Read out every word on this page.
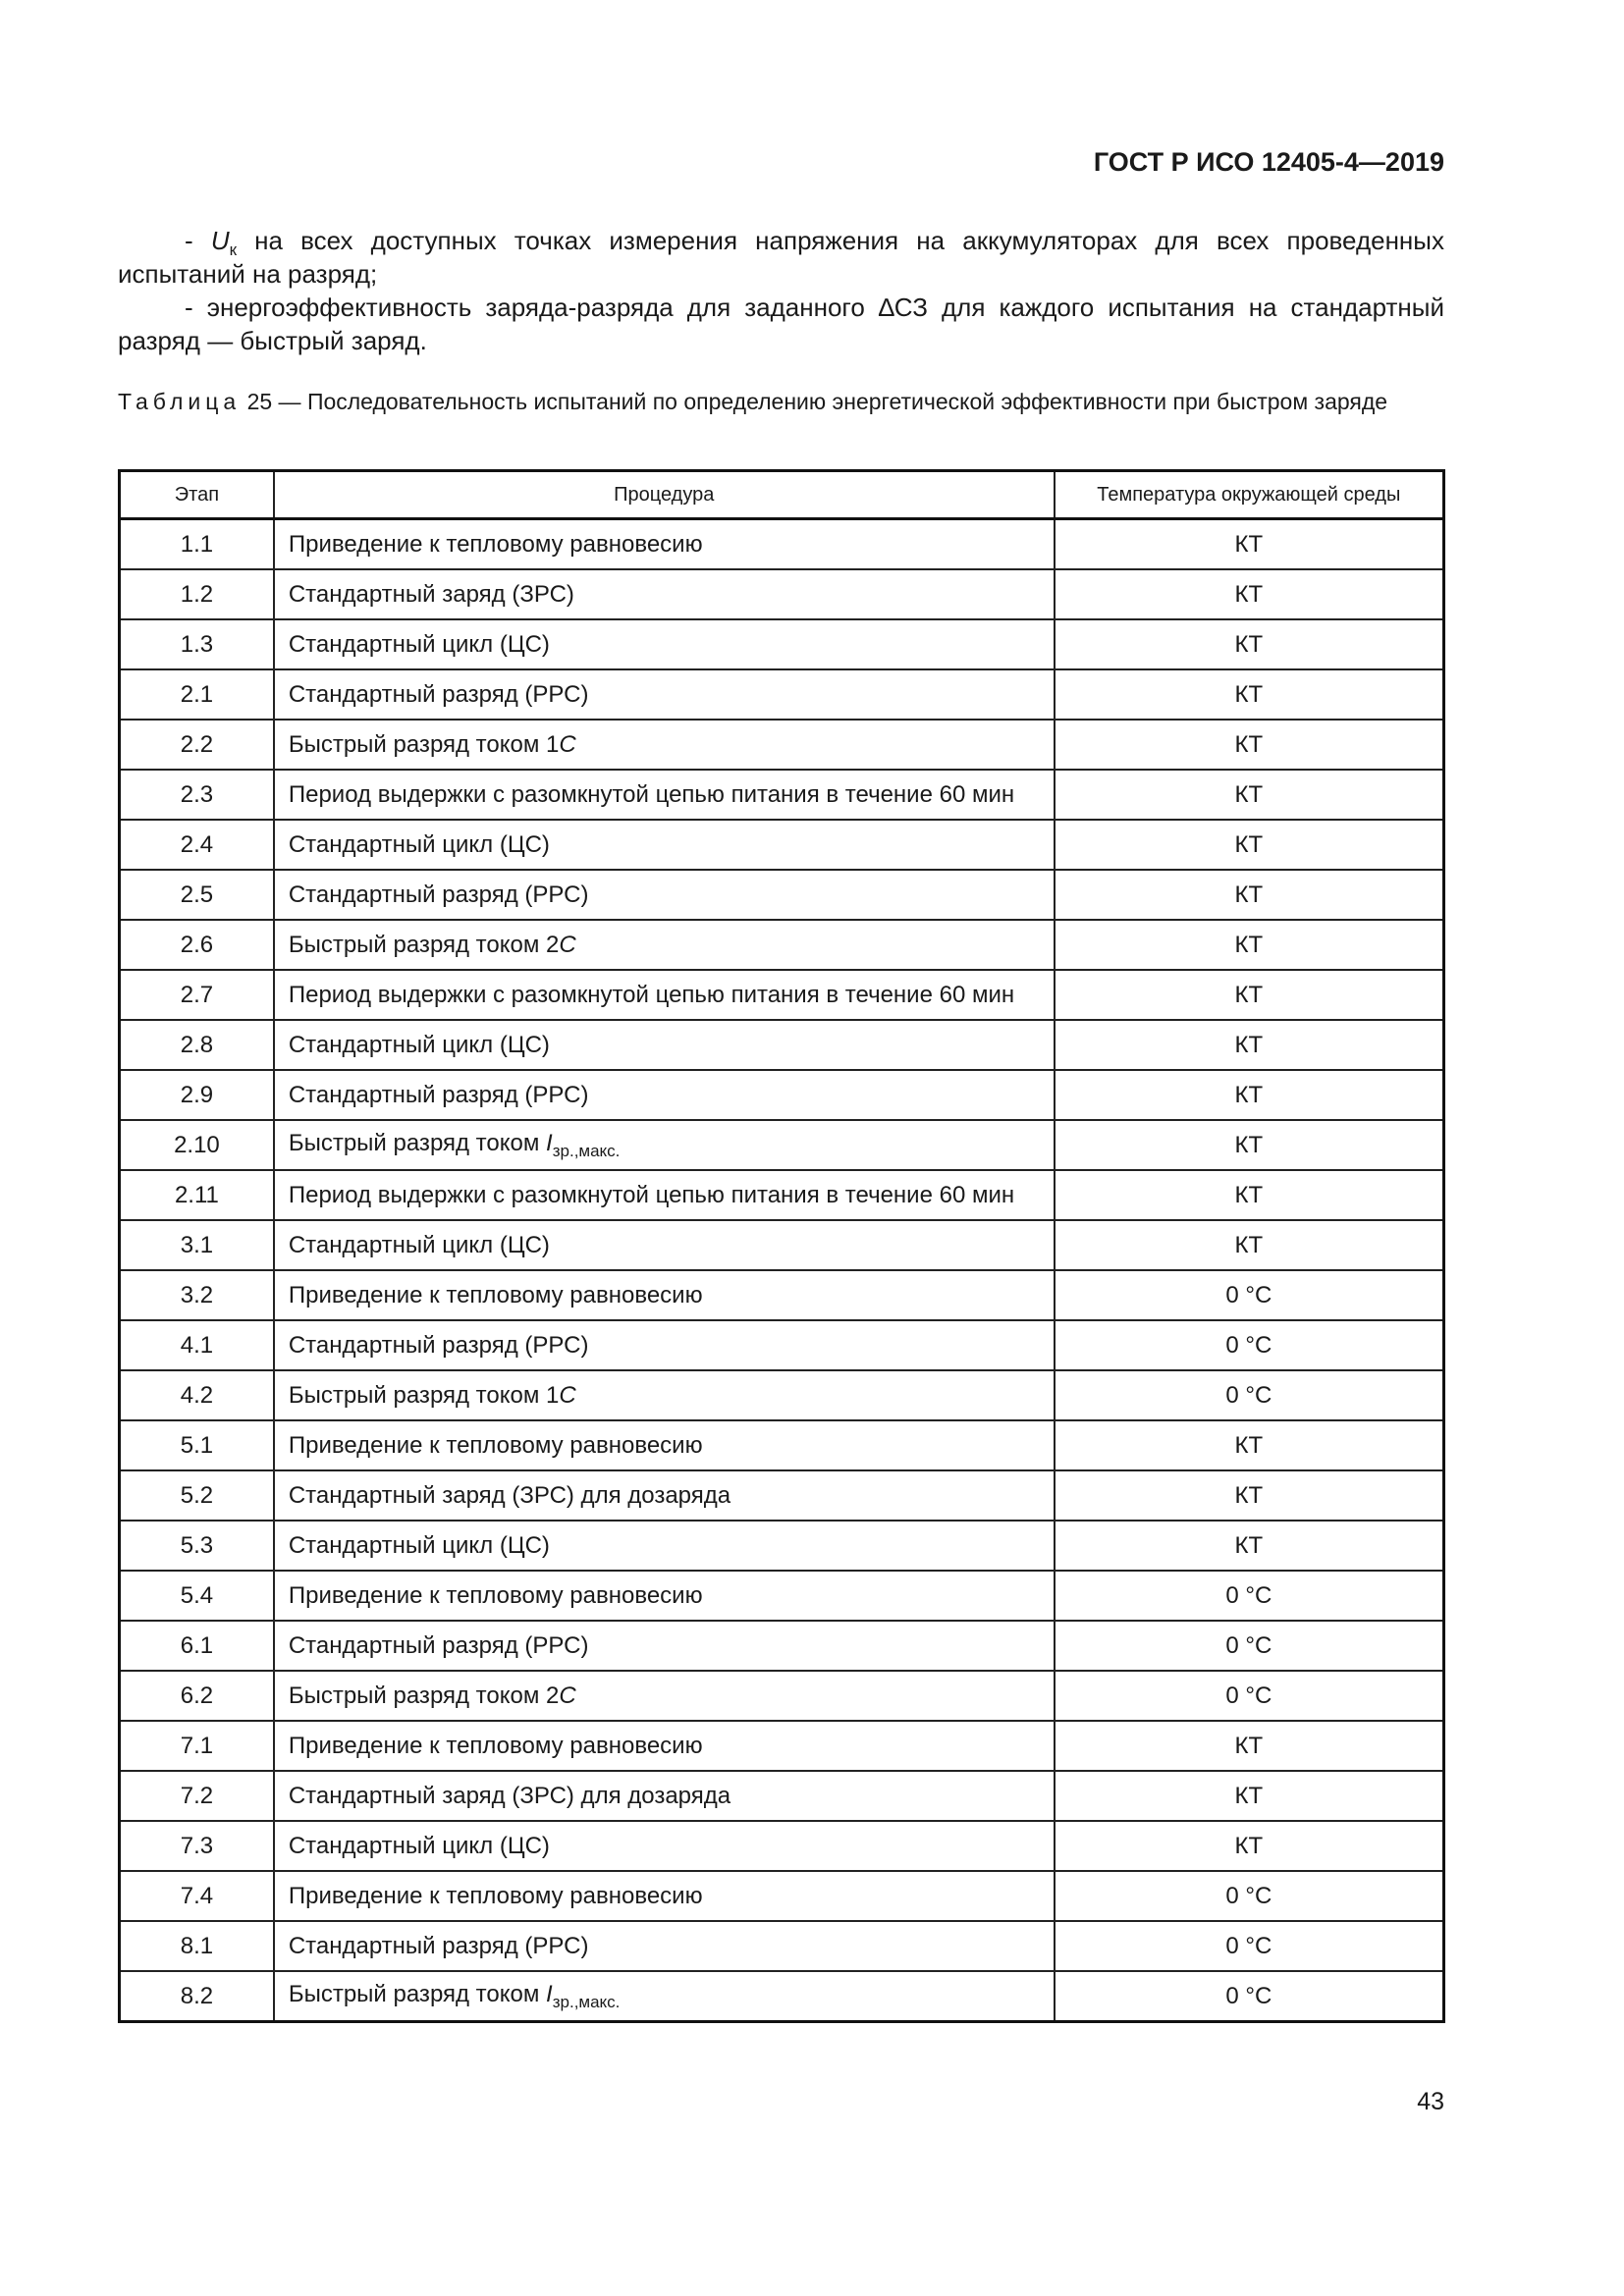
ГОСТ Р ИСО 12405-4—2019
- $U_к$ на всех доступных точках измерения напряжения на аккумуляторах для всех проведенных испытаний на разряд;
- энергоэффективность заряда-разряда для заданного ∆СЗ для каждого испытания на стандартный разряд — быстрый заряд.
Таблица 25 — Последовательность испытаний по определению энергетической эффективности при быстром заряде
Этап	Процедура	Температура окружающей среды
1.1	Приведение к тепловому равновесию	КТ
1.2	Стандартный заряд (ЗРС)	КТ
1.3	Стандартный цикл (ЦС)	КТ
2.1	Стандартный разряд (РРС)	КТ
2.2	Быстрый разряд током 1C	КТ
2.3	Период выдержки с разомкнутой цепью питания в течение 60 мин	КТ
2.4	Стандартный цикл (ЦС)	КТ
2.5	Стандартный разряд (РРС)	КТ
2.6	Быстрый разряд током 2C	КТ
2.7	Период выдержки с разомкнутой цепью питания в течение 60 мин	КТ
2.8	Стандартный цикл (ЦС)	КТ
2.9	Стандартный разряд (РРС)	КТ
2.10	Быстрый разряд током $I_{зр.,макс.}$	КТ
2.11	Период выдержки с разомкнутой цепью питания в течение 60 мин	КТ
3.1	Стандартный цикл (ЦС)	КТ
3.2	Приведение к тепловому равновесию	0 °С
4.1	Стандартный разряд (РРС)	0 °С
4.2	Быстрый разряд током 1C	0 °С
5.1	Приведение к тепловому равновесию	КТ
5.2	Стандартный заряд (ЗРС) для дозаряда	КТ
5.3	Стандартный цикл (ЦС)	КТ
5.4	Приведение к тепловому равновесию	0 °С
6.1	Стандартный разряд (РРС)	0 °С
6.2	Быстрый разряд током 2C	0 °С
7.1	Приведение к тепловому равновесию	КТ
7.2	Стандартный заряд (ЗРС) для дозаряда	КТ
7.3	Стандартный цикл (ЦС)	КТ
7.4	Приведение к тепловому равновесию	0 °С
8.1	Стандартный разряд (РРС)	0 °С
8.2	Быстрый разряд током $I_{зр.,макс.}$	0 °С
43
